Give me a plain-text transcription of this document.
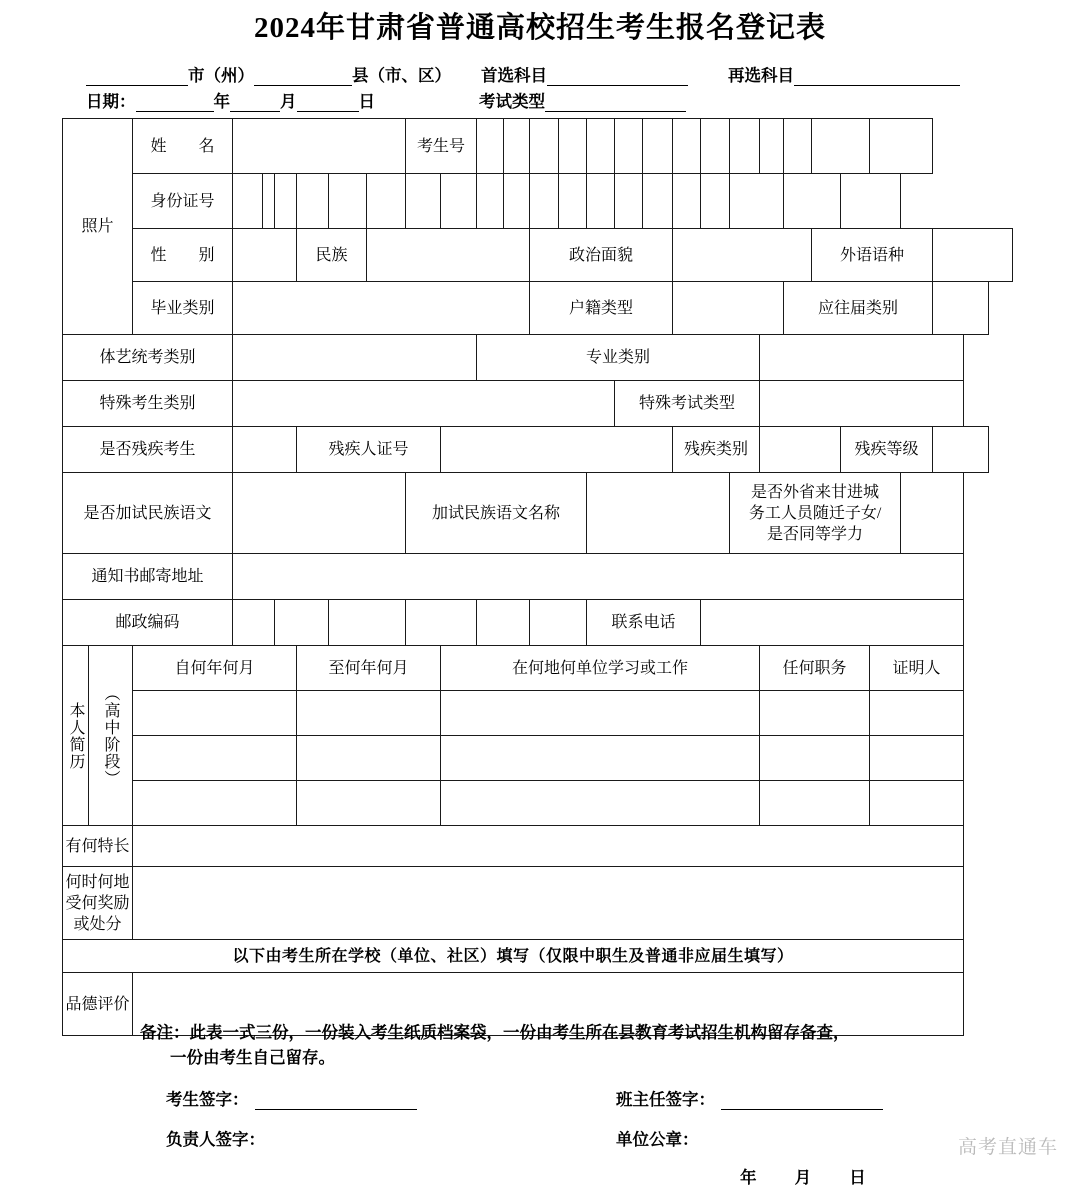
2024年甘肃省普通高校招生考生报名登记表
市（州）	县（市、区） 首选科目	再选科目
日期：	年	月	日	考试类型
照片		姓　　名							考生号																		
		身份证号																									
		性　　别				民族							政治面貌										外语语种				
		毕业类别											户籍类型									应往届类别					
体艺统考类别											专业类别																
特殊考生类别																特殊考试类型											
是否残疾考生						残疾人证号												残疾类别						残疾等级			
是否加试民族语文									加试民族语文名称											是否外省来甘进城
务工人员随迁子女/
是否同等学力							
通知书邮寄地址																											
邮政编码															联系电话												

本人简历	（高中阶段）	自何年何月				至何年何月				在何地何单位学习或工作											任何职务				证明人		

有何特长																											
何时何地
受何奖励
或处分																											
以下由考生所在学校（单位、社区）填写（仅限中职生及普通非应届生填写）																											
品德评价																											
备注：此表一式三份，一份装入考生纸质档案袋，一份由考生所在县教育考试招生机构留存备查，
一份由考生自己留存。
考生签字：	班主任签字：
负责人签字：	单位公章：
年 月 日
高考直通车
